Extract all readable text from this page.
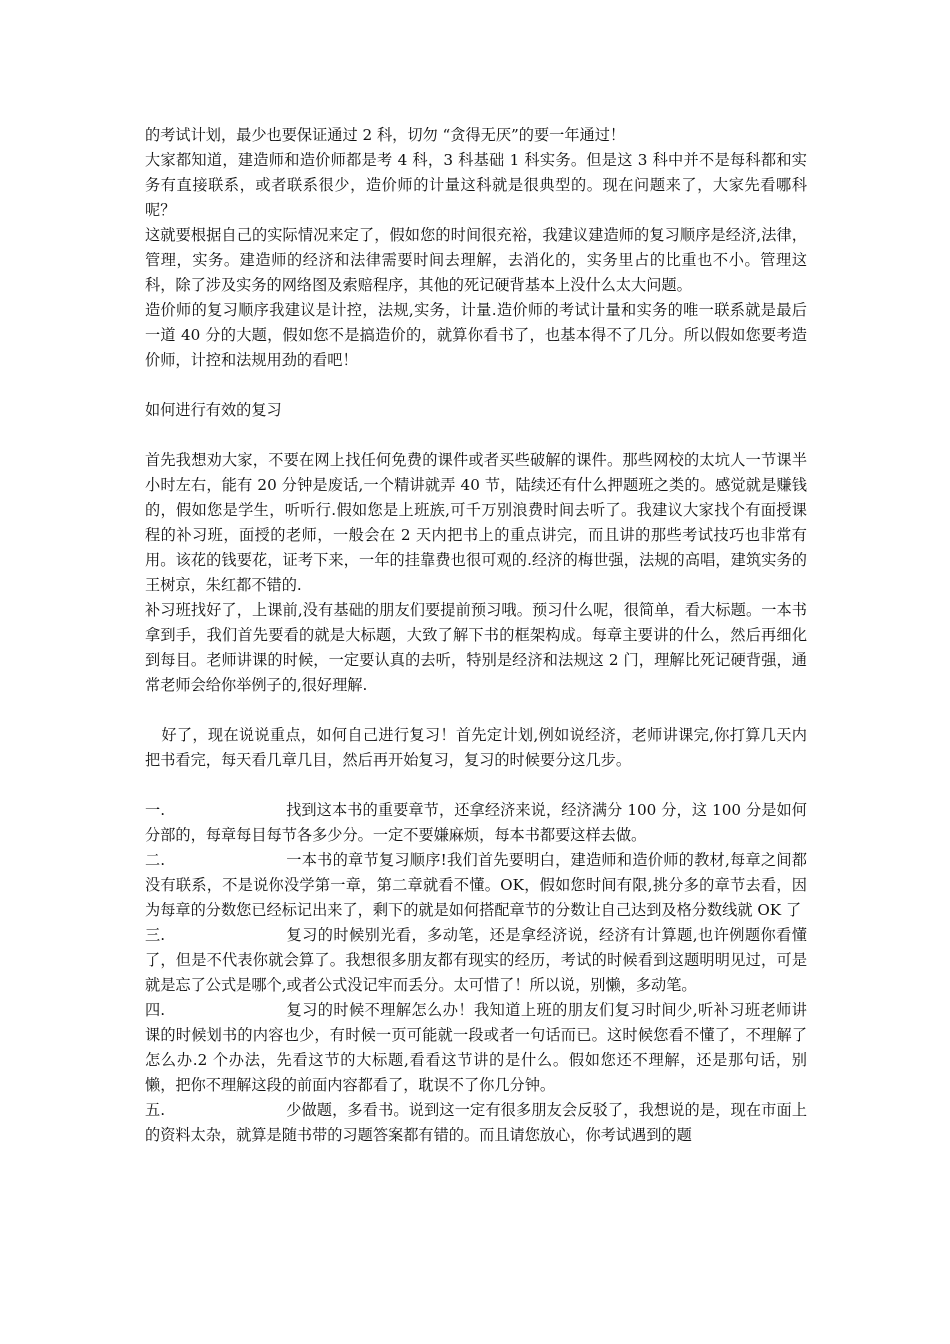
的考试计划，最少也要保证通过 2 科，切勿 “贪得无厌”的要一年通过！

大家都知道，建造师和造价师都是考 4 科，3 科基础 1 科实务。但是这 3 科中并不是每科都和实务有直接联系，或者联系很少，造价师的计量这科就是很典型的。现在问题来了，大家先看哪科呢？

这就要根据自己的实际情况来定了，假如您的时间很充裕，我建议建造师的复习顺序是经济,法律，管理，实务。建造师的经济和法律需要时间去理解，去消化的，实务里占的比重也不小。管理这科，除了涉及实务的网络图及索赔程序，其他的死记硬背基本上没什么太大问题。

造价师的复习顺序我建议是计控，法规,实务，计量.造价师的考试计量和实务的唯一联系就是最后一道 40 分的大题，假如您不是搞造价的，就算你看书了，也基本得不了几分。所以假如您要考造价师，计控和法规用劲的看吧！

如何进行有效的复习

首先我想劝大家，不要在网上找任何免费的课件或者买些破解的课件。那些网校的太坑人一节课半小时左右，能有 20 分钟是废话,一个精讲就弄 40 节，陆续还有什么押题班之类的。感觉就是赚钱的，假如您是学生，听听行.假如您是上班族,可千万别浪费时间去听了。我建议大家找个有面授课程的补习班，面授的老师，一般会在 2 天内把书上的重点讲完，而且讲的那些考试技巧也非常有用。该花的钱要花，证考下来，一年的挂靠费也很可观的.经济的梅世强，法规的高唱，建筑实务的王树京，朱红都不错的.

补习班找好了，上课前,没有基础的朋友们要提前预习哦。预习什么呢，很简单，看大标题。一本书拿到手，我们首先要看的就是大标题，大致了解下书的框架构成。每章主要讲的什么，然后再细化到每目。老师讲课的时候，一定要认真的去听，特别是经济和法规这 2 门，理解比死记硬背强，通常老师会给你举例子的,很好理解.

好了，现在说说重点，如何自己进行复习！首先定计划,例如说经济，老师讲课完,你打算几天内把书看完，每天看几章几目，然后再开始复习，复习的时候要分这几步。

一.	找到这本书的重要章节，还拿经济来说，经济满分 100 分，这 100 分是如何分部的，每章每目每节各多少分。一定不要嫌麻烦，每本书都要这样去做。

二.	一本书的章节复习顺序!我们首先要明白，建造师和造价师的教材,每章之间都没有联系，不是说你没学第一章，第二章就看不懂。OK，假如您时间有限,挑分多的章节去看，因为每章的分数您已经标记出来了，剩下的就是如何搭配章节的分数让自己达到及格分数线就 OK 了

三.	复习的时候别光看，多动笔，还是拿经济说，经济有计算题,也许例题你看懂了，但是不代表你就会算了。我想很多朋友都有现实的经历，考试的时候看到这题明明见过，可是就是忘了公式是哪个,或者公式没记牢而丢分。太可惜了！所以说，别懒，多动笔。

四.	复习的时候不理解怎么办！我知道上班的朋友们复习时间少,听补习班老师讲课的时候划书的内容也少，有时候一页可能就一段或者一句话而已。这时候您看不懂了，不理解了怎么办.2 个办法，先看这节的大标题,看看这节讲的是什么。假如您还不理解，还是那句话，别懒，把你不理解这段的前面内容都看了，耽误不了你几分钟。

五.	少做题，多看书。说到这一定有很多朋友会反驳了，我想说的是，现在市面上的资料太杂，就算是随书带的习题答案都有错的。而且请您放心，你考试遇到的题
